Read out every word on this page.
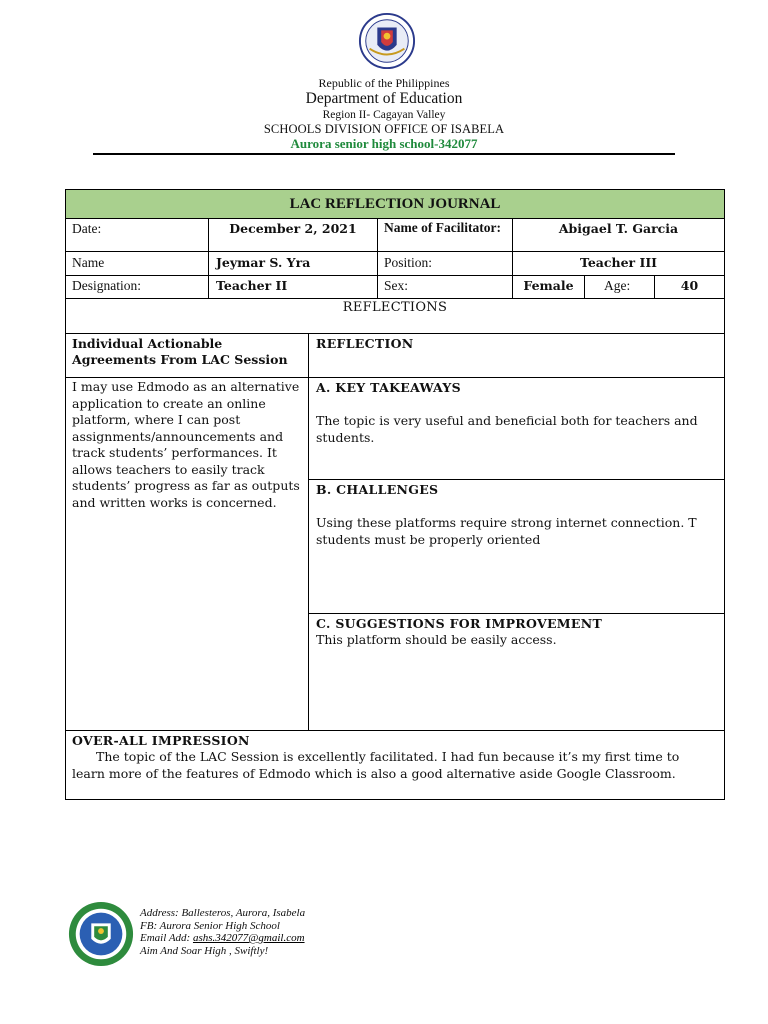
Republic of the Philippines
Department of Education
Region II- Cagayan Valley
SCHOOLS DIVISION OFFICE OF ISABELA
Aurora senior high school-342077
LAC REFLECTION JOURNAL
Date:	December 2, 2021	Name of Facilitator:	Abigael T. Garcia
Name	Jeymar S. Yra	Position:	Teacher III
Designation:	Teacher II	Sex:	Female	Age:	40
REFLECTIONS
Individual Actionable Agreements From LAC Session
REFLECTION
I may use Edmodo as an alternative application to create an online platform, where I can post assignments/announcements and track students’ performances. It allows teachers to easily track students’ progress as far as outputs and written works is concerned.
A. KEY TAKEAWAYS
The topic is very useful and beneficial both for teachers and students.
B. CHALLENGES
Using these platforms require strong internet connection. T students must be properly oriented
C. SUGGESTIONS FOR IMPROVEMENT
This platform should be easily access.
OVER-ALL IMPRESSION
The topic of the LAC Session is excellently facilitated. I had fun because it’s my first time to learn more of the features of Edmodo which is also a good alternative aside Google Classroom.
Address: Ballesteros, Aurora, Isabela
FB: Aurora Senior High School
Email Add: ashs.342077@gmail.com
Aim And Soar High , Swiftly!
